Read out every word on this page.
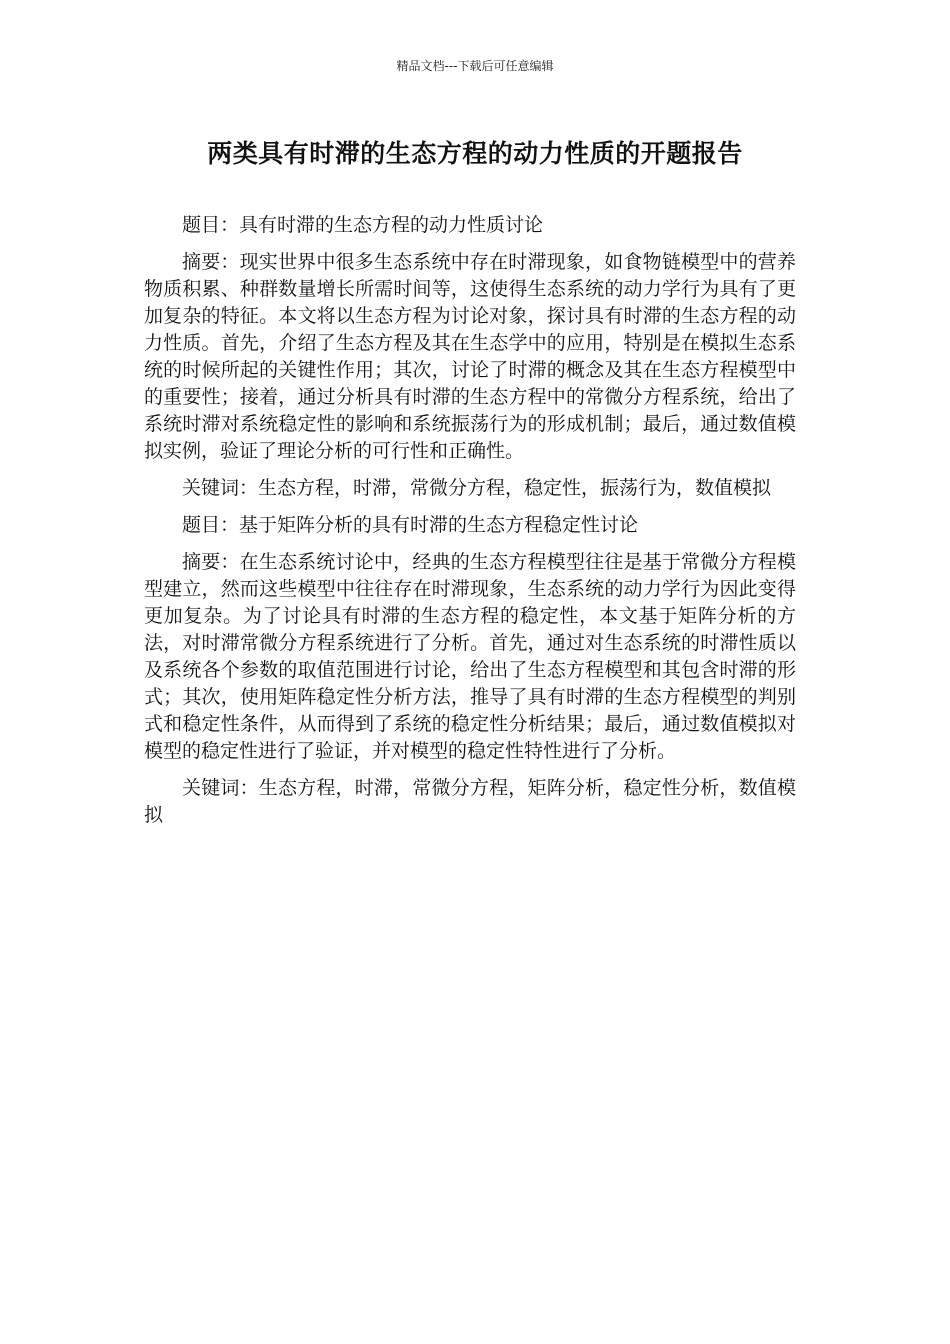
精品文档---下载后可任意编辑
两类具有时滞的生态方程的动力性质的开题报告

题目：具有时滞的生态方程的动力性质讨论

摘要：现实世界中很多生态系统中存在时滞现象，如食物链模型中的营养物质积累、种群数量增长所需时间等，这使得生态系统的动力学行为具有了更加复杂的特征。本文将以生态方程为讨论对象，探讨具有时滞的生态方程的动力性质。首先，介绍了生态方程及其在生态学中的应用，特别是在模拟生态系统的时候所起的关键性作用；其次，讨论了时滞的概念及其在生态方程模型中的重要性；接着，通过分析具有时滞的生态方程中的常微分方程系统，给出了系统时滞对系统稳定性的影响和系统振荡行为的形成机制；最后，通过数值模拟实例，验证了理论分析的可行性和正确性。

关键词：生态方程，时滞，常微分方程，稳定性，振荡行为，数值模拟

题目：基于矩阵分析的具有时滞的生态方程稳定性讨论

摘要：在生态系统讨论中，经典的生态方程模型往往是基于常微分方程模型建立，然而这些模型中往往存在时滞现象，生态系统的动力学行为因此变得更加复杂。为了讨论具有时滞的生态方程的稳定性，本文基于矩阵分析的方法，对时滞常微分方程系统进行了分析。首先，通过对生态系统的时滞性质以及系统各个参数的取值范围进行讨论，给出了生态方程模型和其包含时滞的形式；其次，使用矩阵稳定性分析方法，推导了具有时滞的生态方程模型的判别式和稳定性条件，从而得到了系统的稳定性分析结果；最后，通过数值模拟对模型的稳定性进行了验证，并对模型的稳定性特性进行了分析。

关键词：生态方程，时滞，常微分方程，矩阵分析，稳定性分析，数值模拟
